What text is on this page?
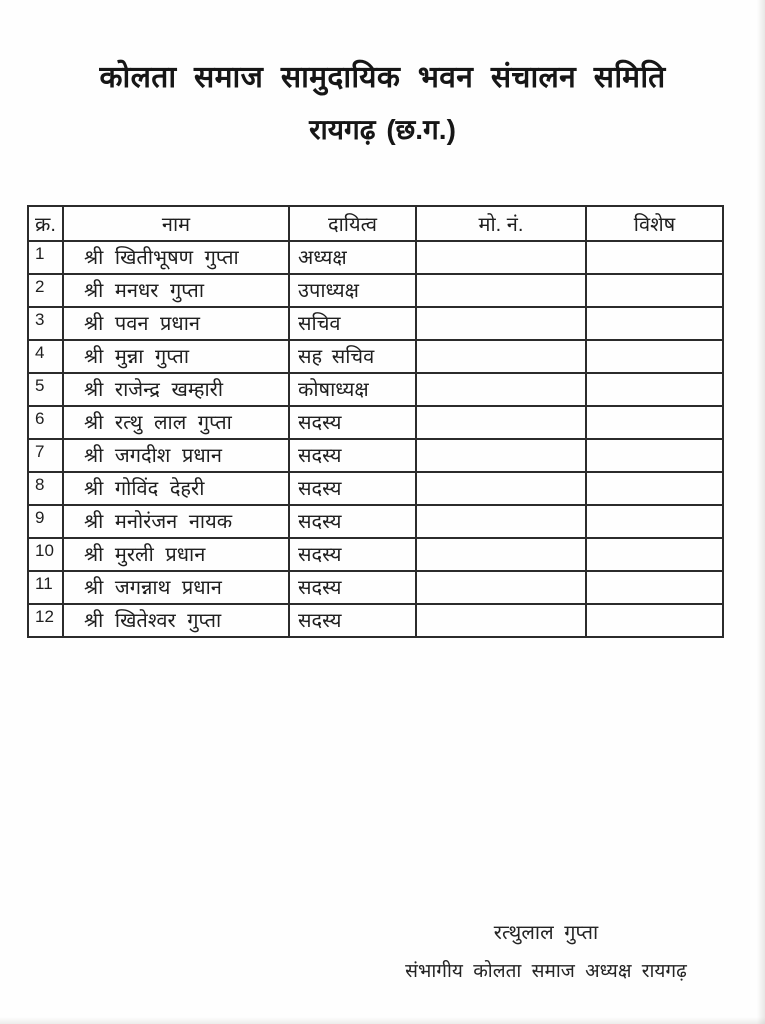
कोलता समाज सामुदायिक भवन संचालन समिति
रायगढ़ (छ.ग.)
क्र.	नाम	दायित्व	मो. नं.	विशेष
1	श्री खितीभूषण गुप्ता	अध्यक्ष		
2	श्री मनधर गुप्ता	उपाध्यक्ष		
3	श्री पवन प्रधान	सचिव		
4	श्री मुन्ना गुप्ता	सह सचिव		
5	श्री राजेन्द्र खम्हारी	कोषाध्यक्ष		
6	श्री रत्थु लाल गुप्ता	सदस्य		
7	श्री जगदीश प्रधान	सदस्य		
8	श्री गोविंद देहरी	सदस्य		
9	श्री मनोरंजन नायक	सदस्य		
10	श्री मुरली प्रधान	सदस्य		
11	श्री जगन्नाथ प्रधान	सदस्य		
12	श्री खितेश्वर गुप्ता	सदस्य		
रत्थुलाल गुप्ता
संभागीय कोलता समाज अध्यक्ष रायगढ़
